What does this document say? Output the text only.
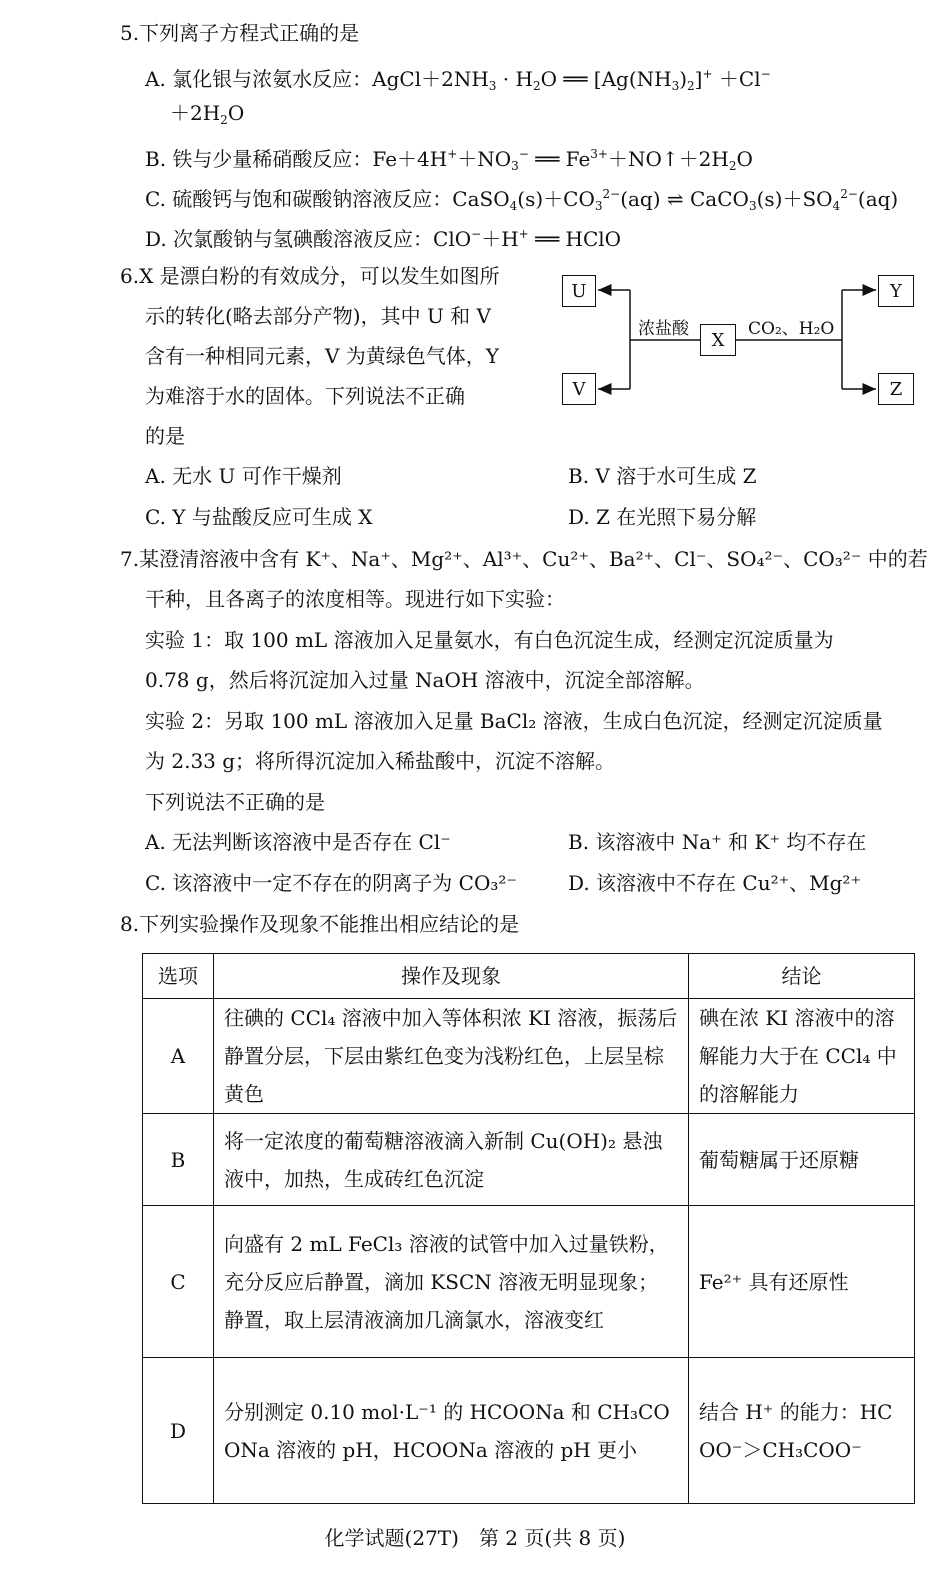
5.下列离子方程式正确的是
A. 氯化银与浓氨水反应：$AgCl+2NH_3 \cdot H_2O$ ══ $[Ag(NH_3)_2]^+ +Cl^-$
$+2H_2O$
B. 铁与少量稀硝酸反应：$Fe+4H^++NO_3^-$ ══ $Fe^{3+}+NO↑+2H_2O$
C. 硫酸钙与饱和碳酸钠溶液反应：$CaSO_4(s)+CO_3^{2-}(aq)$ ⇌ $CaCO_3(s)+SO_4^{2-}(aq)$
D. 次氯酸钠与氢碘酸溶液反应：ClO−＋H+ ══ HClO
6.X 是漂白粉的有效成分，可以发生如图所
示的转化(略去部分产物)，其中 U 和 V
含有一种相同元素，V 为黄绿色气体，Y
为难溶于水的固体。下列说法不正确
的是
U
V
X
Y
Z
浓盐酸	CO₂、H₂O
A. 无水 U 可作干燥剂	B. V 溶于水可生成 Z
C. Y 与盐酸反应可生成 X	D. Z 在光照下易分解
7.某澄清溶液中含有 K⁺、Na⁺、Mg²⁺、Al³⁺、Cu²⁺、Ba²⁺、Cl⁻、SO₄²⁻、CO₃²⁻ 中的若
干种，且各离子的浓度相等。现进行如下实验：
实验 1：取 100 mL 溶液加入足量氨水，有白色沉淀生成，经测定沉淀质量为
0.78 g，然后将沉淀加入过量 NaOH 溶液中，沉淀全部溶解。
实验 2：另取 100 mL 溶液加入足量 BaCl₂ 溶液，生成白色沉淀，经测定沉淀质量
为 2.33 g；将所得沉淀加入稀盐酸中，沉淀不溶解。
下列说法不正确的是
A. 无法判断该溶液中是否存在 Cl⁻	B. 该溶液中 Na⁺ 和 K⁺ 均不存在
C. 该溶液中一定不存在的阴离子为 CO₃²⁻	D. 该溶液中不存在 Cu²⁺、Mg²⁺
8.下列实验操作及现象不能推出相应结论的是
选项	操作及现象	结论
A	往碘的 CCl₄ 溶液中加入等体积浓 KI 溶液，振荡后静置分层，下层由紫红色变为浅粉红色，上层呈棕黄色	碘在浓 KI 溶液中的溶解能力大于在 CCl₄ 中的溶解能力
B	将一定浓度的葡萄糖溶液滴入新制 Cu(OH)₂ 悬浊液中，加热，生成砖红色沉淀	葡萄糖属于还原糖
C	向盛有 2 mL FeCl₃ 溶液的试管中加入过量铁粉，充分反应后静置，滴加 KSCN 溶液无明显现象；静置，取上层清液滴加几滴氯水，溶液变红	Fe²⁺ 具有还原性
D	分别测定 0.10 mol·L⁻¹ 的 HCOONa 和 CH₃COONa 溶液的 pH，HCOONa 溶液的 pH 更小	结合 H⁺ 的能力：HCOO⁻＞CH₃COO⁻
化学试题(27T)　第 2 页(共 8 页)
